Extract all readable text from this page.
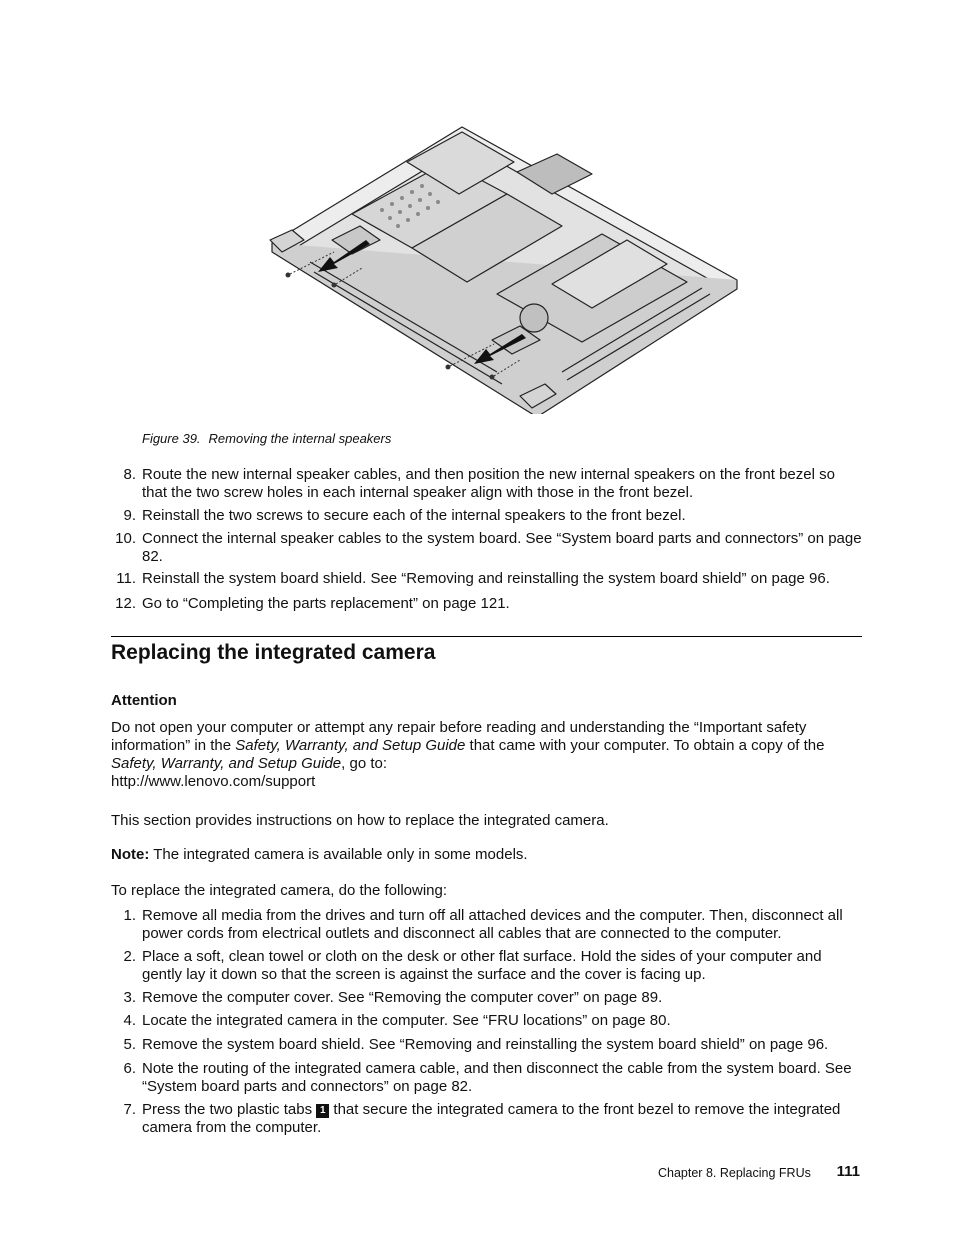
Figure 39. Removing the internal speakers
8. Route the new internal speaker cables, and then position the new internal speakers on the front bezel so that the two screw holes in each internal speaker align with those in the front bezel.
9. Reinstall the two screws to secure each of the internal speakers to the front bezel.
10. Connect the internal speaker cables to the system board. See “System board parts and connectors” on page 82.
11. Reinstall the system board shield. See “Removing and reinstalling the system board shield” on page 96.
12. Go to “Completing the parts replacement” on page 121.
Replacing the integrated camera
Attention
Do not open your computer or attempt any repair before reading and understanding the “Important safety information” in the Safety, Warranty, and Setup Guide that came with your computer. To obtain a copy of the Safety, Warranty, and Setup Guide, go to:
http://www.lenovo.com/support
This section provides instructions on how to replace the integrated camera.
Note: The integrated camera is available only in some models.
To replace the integrated camera, do the following:
1. Remove all media from the drives and turn off all attached devices and the computer. Then, disconnect all power cords from electrical outlets and disconnect all cables that are connected to the computer.
2. Place a soft, clean towel or cloth on the desk or other flat surface. Hold the sides of your computer and gently lay it down so that the screen is against the surface and the cover is facing up.
3. Remove the computer cover. See “Removing the computer cover” on page 89.
4. Locate the integrated camera in the computer. See “FRU locations” on page 80.
5. Remove the system board shield. See “Removing and reinstalling the system board shield” on page 96.
6. Note the routing of the integrated camera cable, and then disconnect the cable from the system board. See “System board parts and connectors” on page 82.
7. Press the two plastic tabs 1 that secure the integrated camera to the front bezel to remove the integrated camera from the computer.
Chapter 8. Replacing FRUs	111
